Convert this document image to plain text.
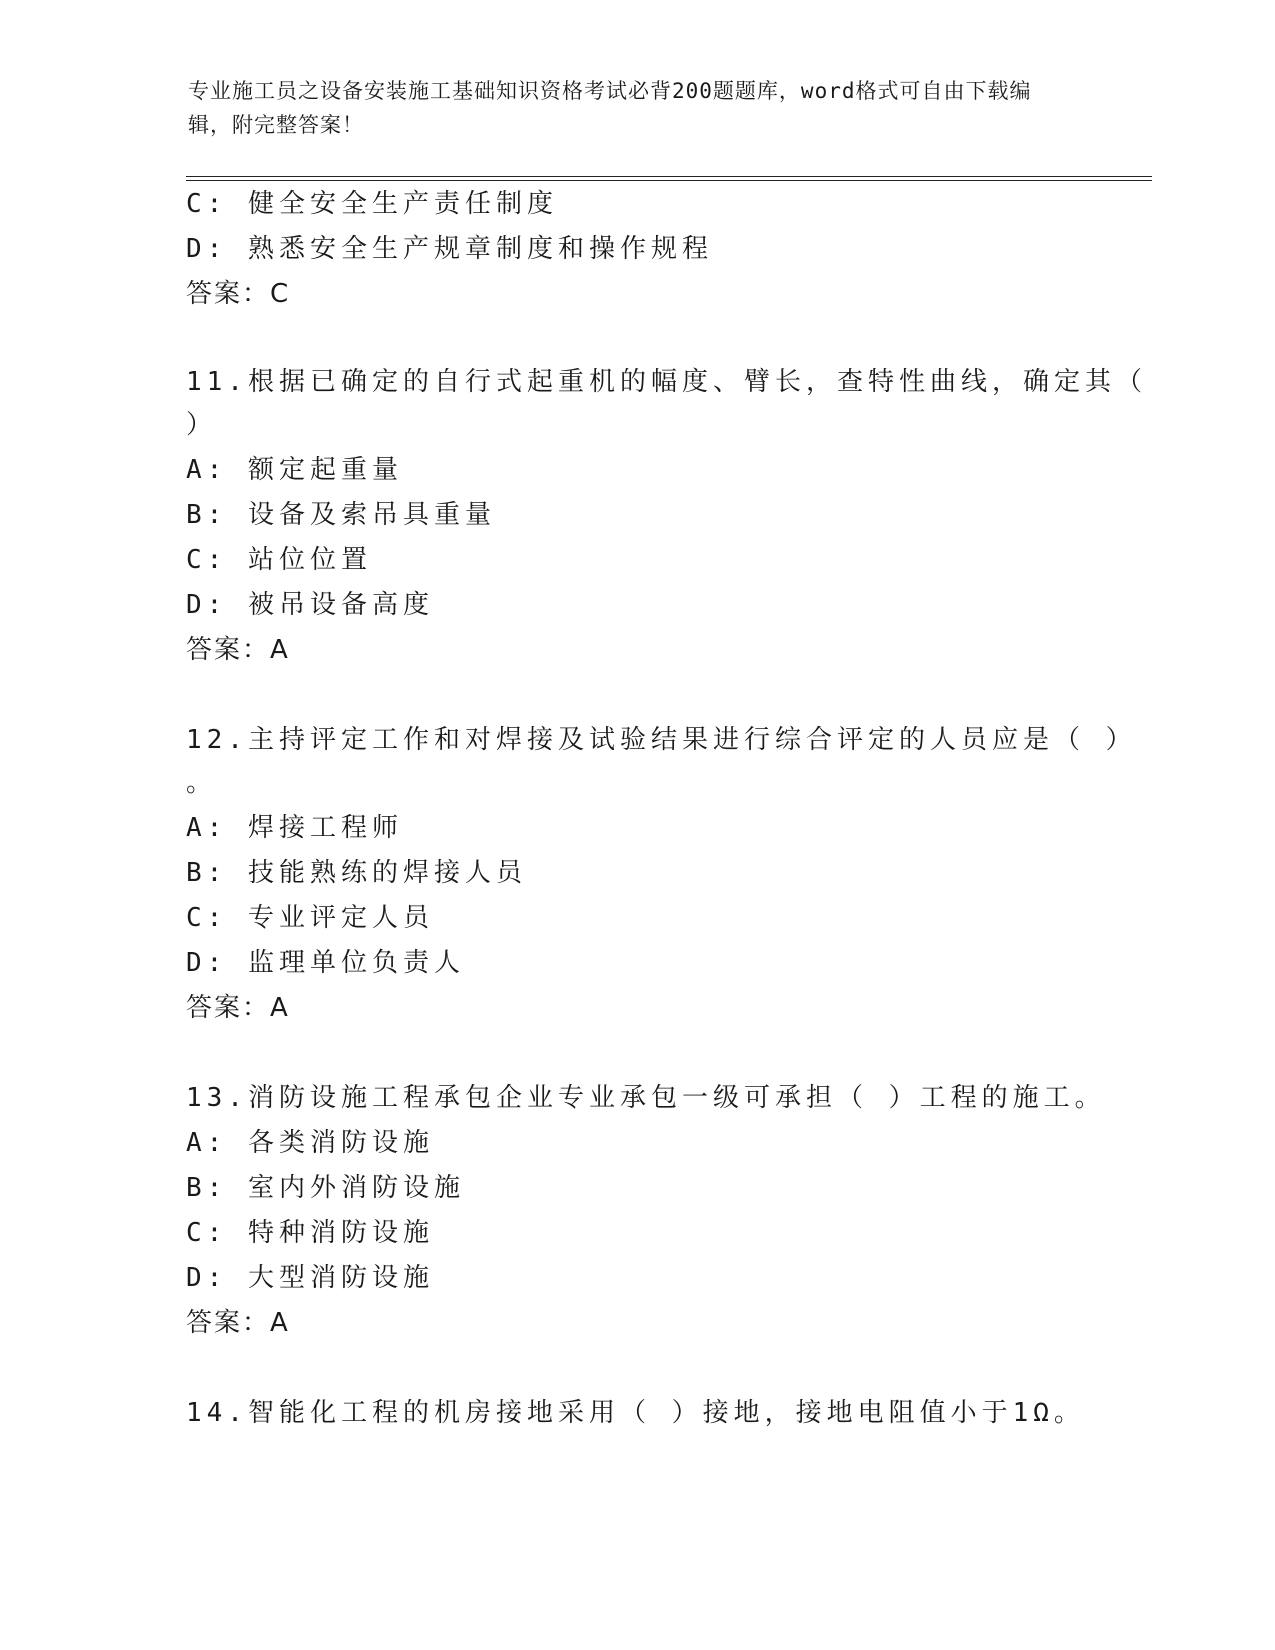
专业施工员之设备安装施工基础知识资格考试必背200题题库，word格式可自由下载编辑，附完整答案！
C: 健全安全生产责任制度
D: 熟悉安全生产规章制度和操作规程
答案：C
11.根据已确定的自行式起重机的幅度、臂长，查特性曲线，确定其（
）
A: 额定起重量
B: 设备及索吊具重量
C: 站位位置
D: 被吊设备高度
答案：A
12.主持评定工作和对焊接及试验结果进行综合评定的人员应是（ ）
。
A: 焊接工程师
B: 技能熟练的焊接人员
C: 专业评定人员
D: 监理单位负责人
答案：A
13.消防设施工程承包企业专业承包一级可承担（ ）工程的施工。
A: 各类消防设施
B: 室内外消防设施
C: 特种消防设施
D: 大型消防设施
答案：A
14.智能化工程的机房接地采用（ ）接地，接地电阻值小于1Ω。
